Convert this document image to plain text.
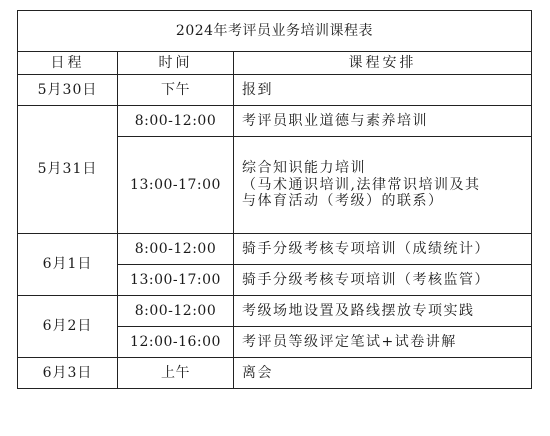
2024年考评员业务培训课程表		
日程	时间	课程安排
5月30日	下午	报到
5月31日	8:00-12:00	考评员职业道德与素养培训
	13:00-17:00	综合知识能力培训
（马术通识培训,法律常识培训及其
与体育活动（考级）的联系）

6月1日	8:00-12:00	骑手分级考核专项培训（成绩统计）
	13:00-17:00	骑手分级考核专项培训（考核监管）
6月2日	8:00-12:00	考级场地设置及路线摆放专项实践
	12:00-16:00	考评员等级评定笔试+试卷讲解
6月3日	上午	离会
